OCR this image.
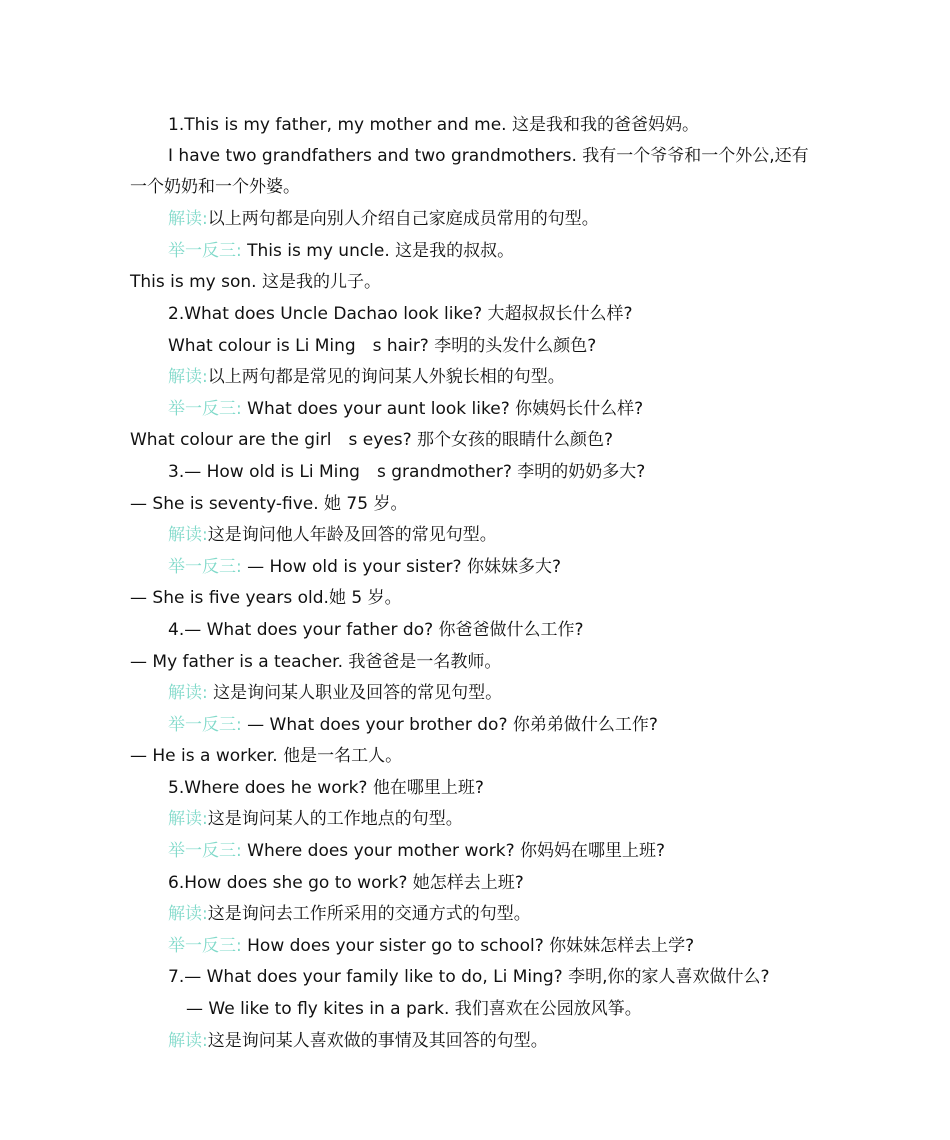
1.This is my father, my mother and me. 这是我和我的爸爸妈妈。
I have two grandfathers and two grandmothers. 我有一个爷爷和一个外公,还有
一个奶奶和一个外婆。
解读:以上两句都是向别人介绍自己家庭成员常用的句型。
举一反三: This is my uncle. 这是我的叔叔。
This is my son. 这是我的儿子。
2.What does Uncle Dachao look like? 大超叔叔长什么样?
What colour is Li Ming　s hair? 李明的头发什么颜色?
解读:以上两句都是常见的询问某人外貌长相的句型。
举一反三: What does your aunt look like? 你姨妈长什么样?
What colour are the girl　s eyes? 那个女孩的眼睛什么颜色?
3.— How old is Li Ming　s grandmother? 李明的奶奶多大?
— She is seventy-five. 她 75 岁。
解读:这是询问他人年龄及回答的常见句型。
举一反三: — How old is your sister? 你妹妹多大?
— She is five years old.她 5 岁。
4.— What does your father do? 你爸爸做什么工作?
— My father is a teacher. 我爸爸是一名教师。
解读: 这是询问某人职业及回答的常见句型。
举一反三: — What does your brother do? 你弟弟做什么工作?
— He is a worker. 他是一名工人。
5.Where does he work? 他在哪里上班?
解读:这是询问某人的工作地点的句型。
举一反三: Where does your mother work? 你妈妈在哪里上班?
6.How does she go to work? 她怎样去上班?
解读:这是询问去工作所采用的交通方式的句型。
举一反三: How does your sister go to school? 你妹妹怎样去上学?
7.— What does your family like to do, Li Ming? 李明,你的家人喜欢做什么?
— We like to fly kites in a park. 我们喜欢在公园放风筝。
解读:这是询问某人喜欢做的事情及其回答的句型。
